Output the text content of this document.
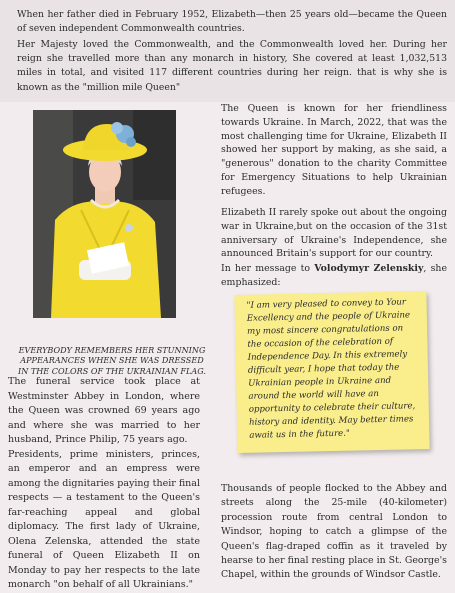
When her father died in February 1952, Elizabeth—then 25 years old—became the Queen of seven independent Commonwealth countries.

Her Majesty loved the Commonwealth, and the Commonwealth loved her. During her reign she travelled more than any monarch in history, She covered at least 1,032,513 miles in total, and visited 117 different countries during her reign. that is why she is known as the "million mile Queen"

EVERYBODY REMEMBERS HER STUNNING APPEARANCES WHEN SHE WAS DRESSED IN THE COLORS OF THE UKRAINIAN FLAG.

The funeral service took place at Westminster Abbey in London, where the Queen was crowned 69 years ago and where she was married to her husband, Prince Philip, 75 years ago.

Presidents, prime ministers, princes, an emperor and an empress were among the dignitaries paying their final respects — a testament to the Queen's far-reaching appeal and global diplomacy. The first lady of Ukraine, Olena Zelenska, attended the state funeral of Queen Elizabeth II on Monday to pay her respects to the late monarch "on behalf of all Ukrainians."

The Queen is known for her friendliness towards Ukraine. In March, 2022, that was the most challenging time for Ukraine, Elizabeth II showed her support by making, as she said, a "generous" donation to the charity Committee for Emergency Situations to help Ukrainian refugees.

Elizabeth II rarely spoke out about the ongoing war in Ukraine,but on the occasion of the 31st anniversary of Ukraine's Independence, she announced Britain's support for our country.

In her message to Volodymyr Zelenskiy, she emphasized:

"I am very pleased to convey to Your Excellency and the people of Ukraine my most sincere congratulations on the occasion of the celebration of Independence Day. In this extremely difficult year, I hope that today the Ukrainian people in Ukraine and around the world will have an opportunity to celebrate their culture, history and identity. May better times await us in the future."

Thousands of people flocked to the Abbey and streets along the 25-mile (40-kilometer) procession route from central London to Windsor, hoping to catch a glimpse of the Queen's flag-draped coffin as it traveled by hearse to her final resting place in St. George's Chapel, within the grounds of Windsor Castle.
